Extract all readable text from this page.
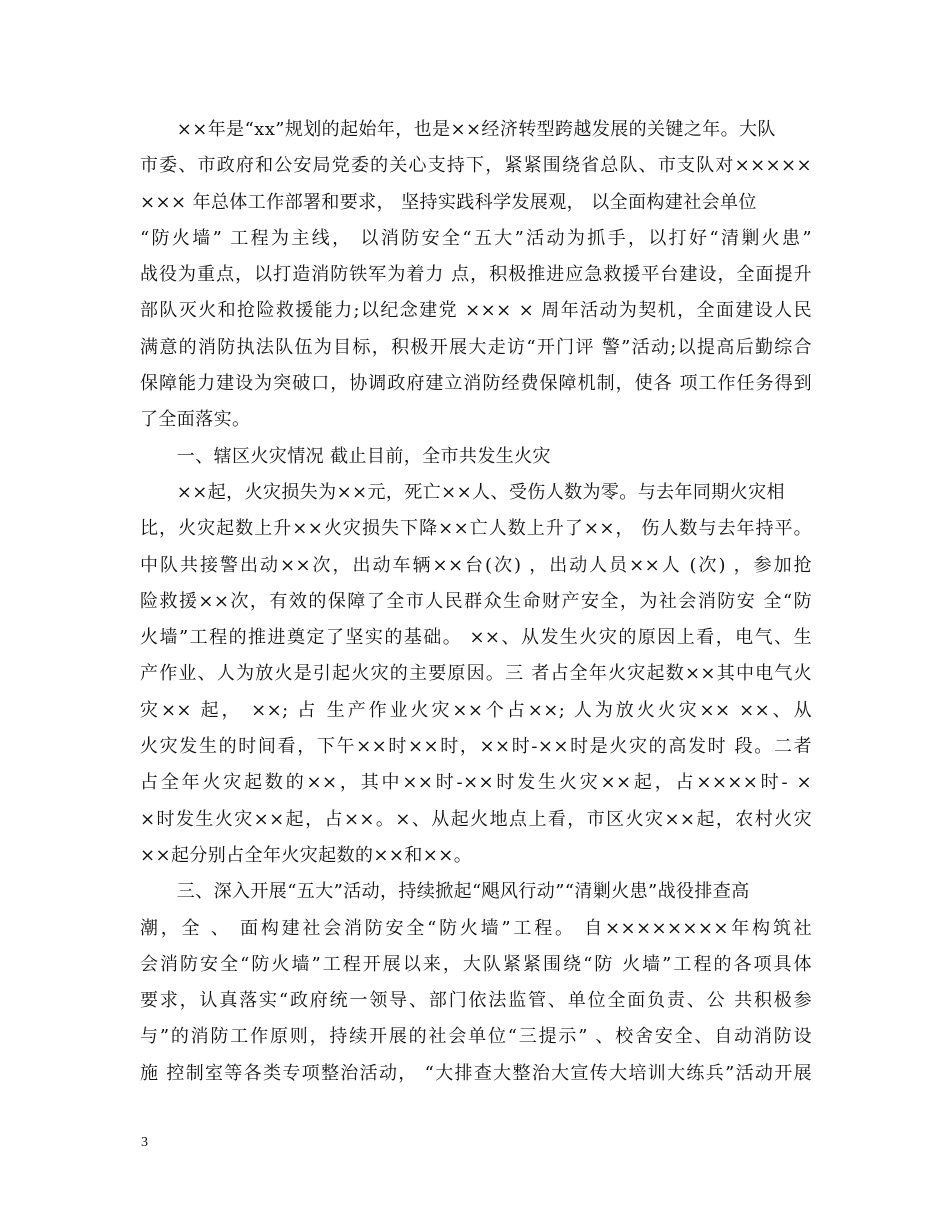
　　××年是“xx”规划的起始年，也是××经济转型跨越发展的关键之年。大队
市委、市政府和公安局党委的关心支持下，紧紧围绕省总队、市支队对×××××
××× 年总体工作部署和要求， 坚持实践科学发展观， 以全面构建社会单位
“防火墙” 工程为主线， 以消防安全“五大”活动为抓手，以打好“清剿火患”
战役为重点，以打造消防铁军为着力 点，积极推进应急救援平台建设，全面提升
部队灭火和抢险救援能力;以纪念建党 ××× × 周年活动为契机，全面建设人民
满意的消防执法队伍为目标，积极开展大走访“开门评 警”活动;以提高后勤综合
保障能力建设为突破口，协调政府建立消防经费保障机制，使各 项工作任务得到
了全面落实。
　　一、辖区火灾情况 截止目前，全市共发生火灾
　　××起，火灾损失为××元，死亡××人、受伤人数为零。与去年同期火灾相
比，火灾起数上升××火灾损失下降××亡人数上升了××， 伤人数与去年持平。
中队共接警出动××次，出动车辆××台(次) ，出动人员××人 (次) ，参加抢
险救援××次，有效的保障了全市人民群众生命财产安全，为社会消防安 全“防
火墙”工程的推进奠定了坚实的基础。 ××、从发生火灾的原因上看，电气、生
产作业、人为放火是引起火灾的主要原因。三 者占全年火灾起数××其中电气火
灾×× 起， ××; 占 生产作业火灾××个占××; 人为放火火灾×× ××、从
火灾发生的时间看，下午××时××时，××时-××时是火灾的高发时 段。二者
占全年火灾起数的××，其中××时-××时发生火灾××起，占××××时- ×
×时发生火灾××起，占××。×、从起火地点上看，市区火灾××起，农村火灾
××起分别占全年火灾起数的××和××。
　　三、深入开展“五大”活动，持续掀起“飓风行动”“清剿火患”战役排查高
潮，全 、 面构建社会消防安全“防火墙”工程。 自××××××××年构筑社
会消防安全“防火墙”工程开展以来，大队紧紧围绕“防 火墙”工程的各项具体
要求，认真落实“政府统一领导、部门依法监管、单位全面负责、公 共积极参
与”的消防工作原则，持续开展的社会单位“三提示” 、校舍安全、自动消防设
施 控制室等各类专项整治活动， “大排查大整治大宣传大培训大练兵”活动开展
3
